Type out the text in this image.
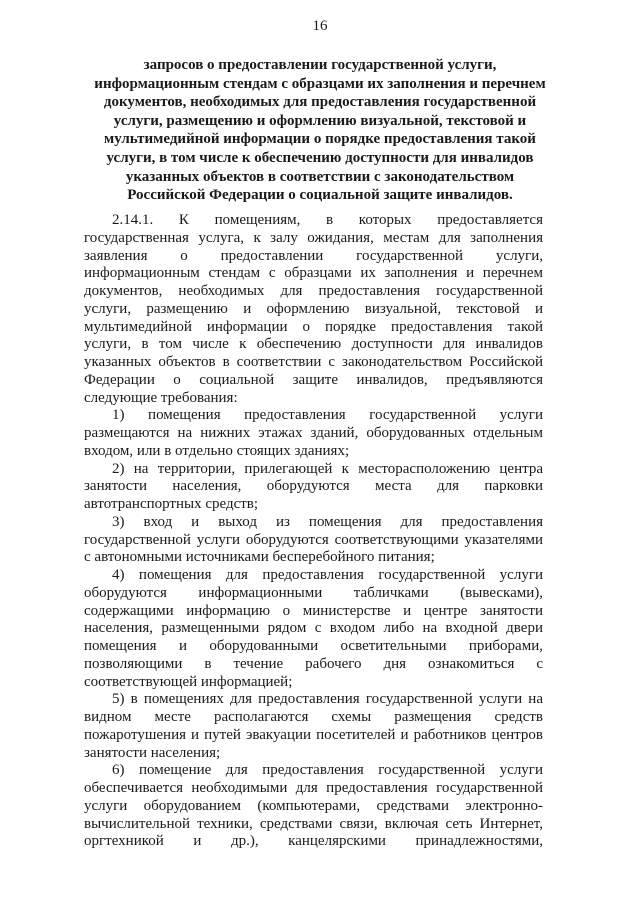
16
запросов о предоставлении государственной услуги,
информационным стендам с образцами их заполнения и перечнем
документов, необходимых для предоставления государственной
услуги, размещению и оформлению визуальной, текстовой и
мультимедийной информации о порядке предоставления такой
услуги, в том числе к обеспечению доступности для инвалидов
указанных объектов в соответствии с законодательством
Российской Федерации о социальной защите инвалидов.
2.14.1. К помещениям, в которых предоставляется
государственная услуга, к залу ожидания, местам для заполнения
заявления о предоставлении государственной услуги,
информационным стендам с образцами их заполнения и перечнем
документов, необходимых для предоставления государственной
услуги, размещению и оформлению визуальной, текстовой и
мультимедийной информации о порядке предоставления такой
услуги, в том числе к обеспечению доступности для инвалидов
указанных объектов в соответствии с законодательством Российской
Федерации о социальной защите инвалидов, предъявляются
следующие требования:
1) помещения предоставления государственной услуги
размещаются на нижних этажах зданий, оборудованных отдельным
входом, или в отдельно стоящих зданиях;
2) на территории, прилегающей к месторасположению центра
занятости населения, оборудуются места для парковки
автотранспортных средств;
3) вход и выход из помещения для предоставления
государственной услуги оборудуются соответствующими указателями
с автономными источниками бесперебойного питания;
4) помещения для предоставления государственной услуги
оборудуются информационными табличками (вывесками),
содержащими информацию о министерстве и центре занятости
населения, размещенными рядом с входом либо на входной двери
помещения и оборудованными осветительными приборами,
позволяющими в течение рабочего дня ознакомиться с
соответствующей информацией;
5) в помещениях для предоставления государственной услуги на
видном месте располагаются схемы размещения средств
пожаротушения и путей эвакуации посетителей и работников центров
занятости населения;
6) помещение для предоставления государственной услуги
обеспечивается необходимыми для предоставления государственной
услуги оборудованием (компьютерами, средствами электронно-
вычислительной техники, средствами связи, включая сеть Интернет,
оргтехникой и др.), канцелярскими принадлежностями,
